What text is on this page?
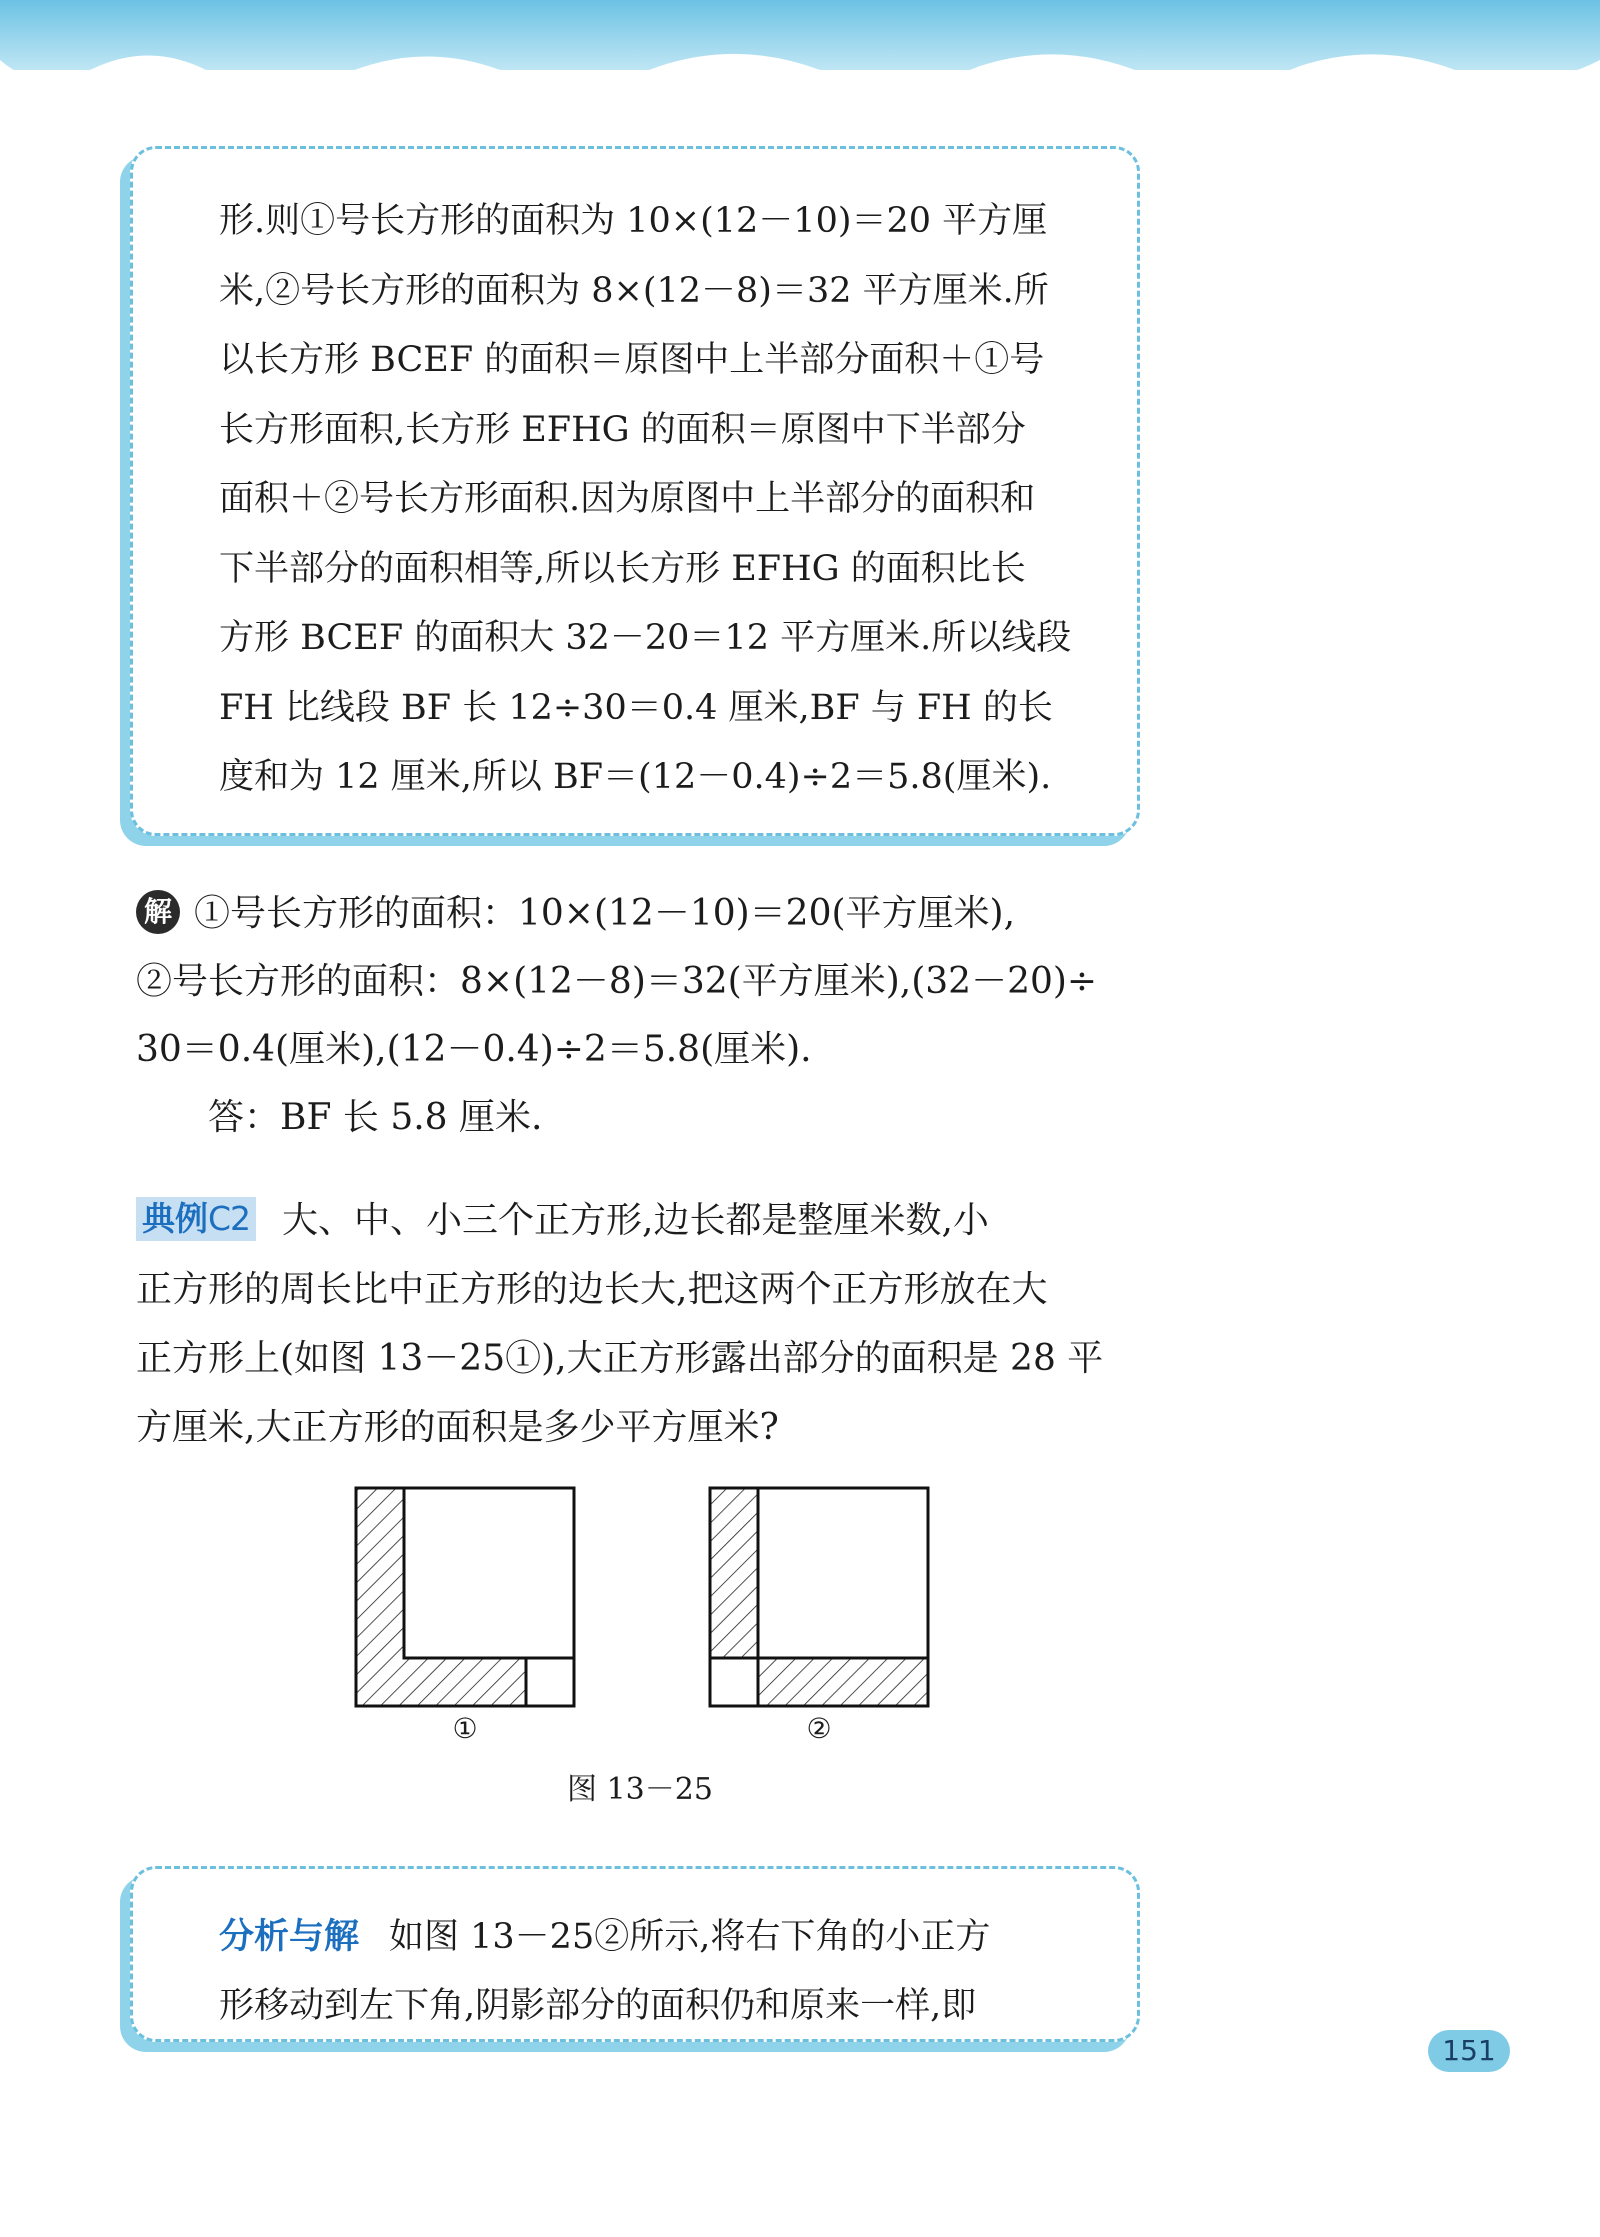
形.则①号长方形的面积为 10×(12－10)＝20 平方厘
米,②号长方形的面积为 8×(12－8)＝32 平方厘米.所
以长方形 BCEF 的面积＝原图中上半部分面积＋①号
长方形面积,长方形 EFHG 的面积＝原图中下半部分
面积＋②号长方形面积.因为原图中上半部分的面积和
下半部分的面积相等,所以长方形 EFHG 的面积比长
方形 BCEF 的面积大 32－20＝12 平方厘米.所以线段
FH 比线段 BF 长 12÷30＝0.4 厘米,BF 与 FH 的长
度和为 12 厘米,所以 BF＝(12－0.4)÷2＝5.8(厘米).
解 ①号长方形的面积：10×(12－10)＝20(平方厘米),
②号长方形的面积：8×(12－8)＝32(平方厘米),(32－20)÷
30＝0.4(厘米),(12－0.4)÷2＝5.8(厘米).
答：BF 长 5.8 厘米.
典例C2 大、中、小三个正方形,边长都是整厘米数,小
正方形的周长比中正方形的边长大,把这两个正方形放在大
正方形上(如图 13－25①),大正方形露出部分的面积是 28 平
方厘米,大正方形的面积是多少平方厘米?
①	②
图 13－25
分析与解 如图 13－25②所示,将右下角的小正方
形移动到左下角,阴影部分的面积仍和原来一样,即
151
